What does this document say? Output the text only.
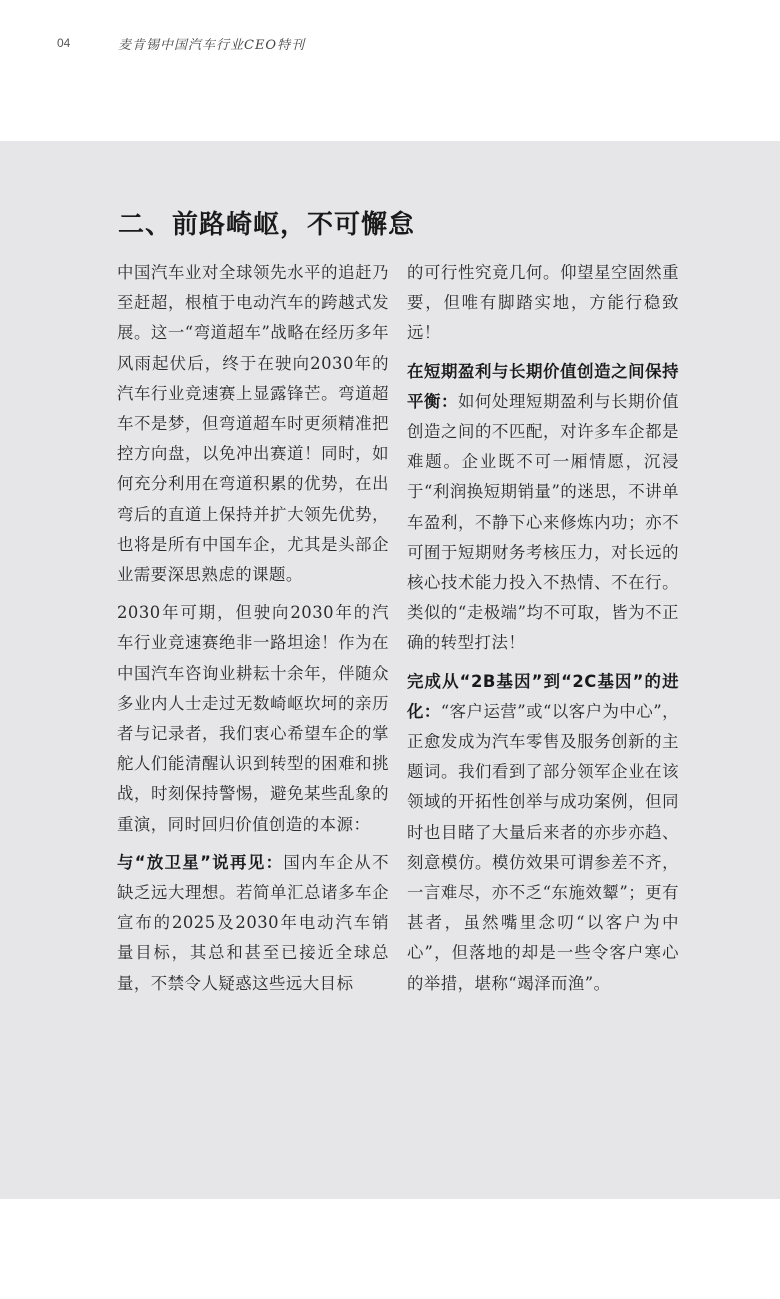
04	麦肯锡中国汽车行业CEO特刊
二、前路崎岖，不可懈怠

中国汽车业对全球领先水平的追赶乃至赶超，根植于电动汽车的跨越式发展。这一“弯道超车”战略在经历多年风雨起伏后，终于在驶向2030年的汽车行业竞速赛上显露锋芒。弯道超车不是梦，但弯道超车时更须精准把控方向盘，以免冲出赛道！同时，如何充分利用在弯道积累的优势，在出弯后的直道上保持并扩大领先优势，也将是所有中国车企，尤其是头部企业需要深思熟虑的课题。

2030年可期，但驶向2030年的汽车行业竞速赛绝非一路坦途！作为在中国汽车咨询业耕耘十余年，伴随众多业内人士走过无数崎岖坎坷的亲历者与记录者，我们衷心希望车企的掌舵人们能清醒认识到转型的困难和挑战，时刻保持警惕，避免某些乱象的重演，同时回归价值创造的本源：

与“放卫星”说再见：国内车企从不缺乏远大理想。若简单汇总诸多车企宣布的2025及2030年电动汽车销量目标，其总和甚至已接近全球总量，不禁令人疑惑这些远大目标

的可行性究竟几何。仰望星空固然重要，但唯有脚踏实地，方能行稳致远！

在短期盈利与长期价值创造之间保持平衡：如何处理短期盈利与长期价值创造之间的不匹配，对许多车企都是难题。企业既不可一厢情愿，沉浸于“利润换短期销量”的迷思，不讲单车盈利，不静下心来修炼内功；亦不可囿于短期财务考核压力，对长远的核心技术能力投入不热情、不在行。类似的“走极端”均不可取，皆为不正确的转型打法！

完成从“2B基因”到“2C基因”的进化：“客户运营”或“以客户为中心”，正愈发成为汽车零售及服务创新的主题词。我们看到了部分领军企业在该领域的开拓性创举与成功案例，但同时也目睹了大量后来者的亦步亦趋、刻意模仿。模仿效果可谓参差不齐，一言难尽，亦不乏“东施效颦”；更有甚者，虽然嘴里念叨“以客户为中心”，但落地的却是一些令客户寒心的举措，堪称“竭泽而渔”。
